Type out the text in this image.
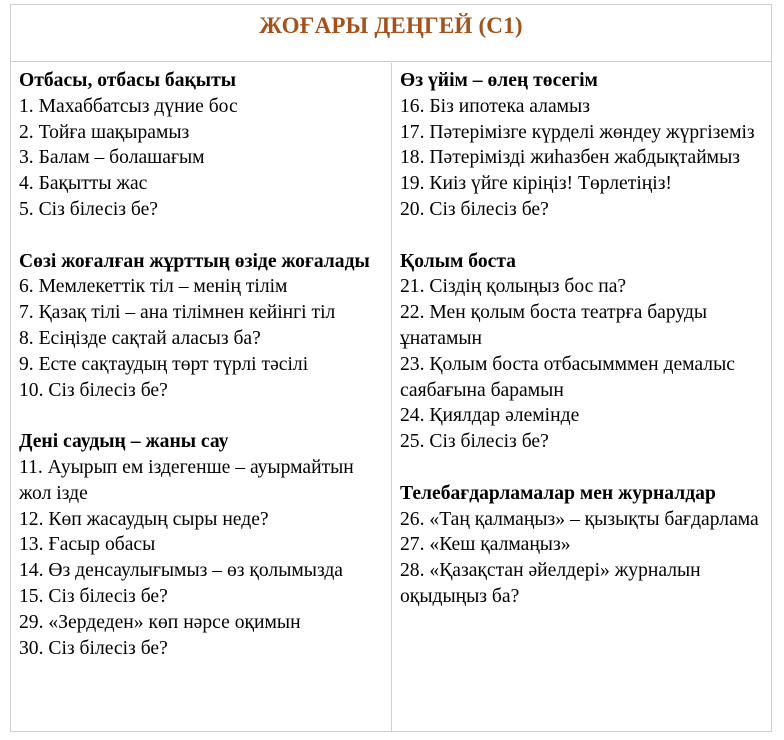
ЖОҒАРЫ ДЕҢГЕЙ (С1)
Отбасы, отбасы бақыты
1. Махаббатсыз дүние бос
2. Тойға шақырамыз
3. Балам – болашағым
4. Бақытты жас
5. Сіз білесіз бе?
Сөзі жоғалған жұрттың өзіде жоғалады
6. Мемлекеттік тіл – менің тілім
7. Қазақ тілі – ана тілімнен кейінгі тіл
8. Есіңізде сақтай аласыз ба?
9. Есте сақтаудың төрт түрлі тәсілі
10. Сіз білесіз бе?
Дені саудың – жаны сау
11. Ауырып ем іздегенше – ауырмайтын жол ізде
12. Көп жасаудың сыры неде?
13. Ғасыр обасы
14. Өз денсаулығымыз – өз қолымызда
15. Сіз білесіз бе?
29. «Зердеден» көп нәрсе оқимын
30. Сіз білесіз бе?
Өз үйім – өлең төсегім
16. Біз ипотека аламыз
17. Пәтерімізге күрделі жөндеу жүргіземіз
18. Пәтерімізді жиһазбен жабдықтаймыз
19. Киіз үйге кіріңіз! Төрлетіңіз!
20. Сіз білесіз бе?
Қолым боста
21. Сіздің қолыңыз бос па?
22. Мен қолым боста театрға баруды ұнатамын
23. Қолым боста отбасымммен демалыс саябағына барамын
24. Қиялдар әлемінде
25. Сіз білесіз бе?
Телебағдарламалар мен журналдар
26. «Таң қалмаңыз» – қызықты бағдарлама
27. «Кеш қалмаңыз»
28. «Қазақстан әйелдері» журналын оқыдыңыз ба?
